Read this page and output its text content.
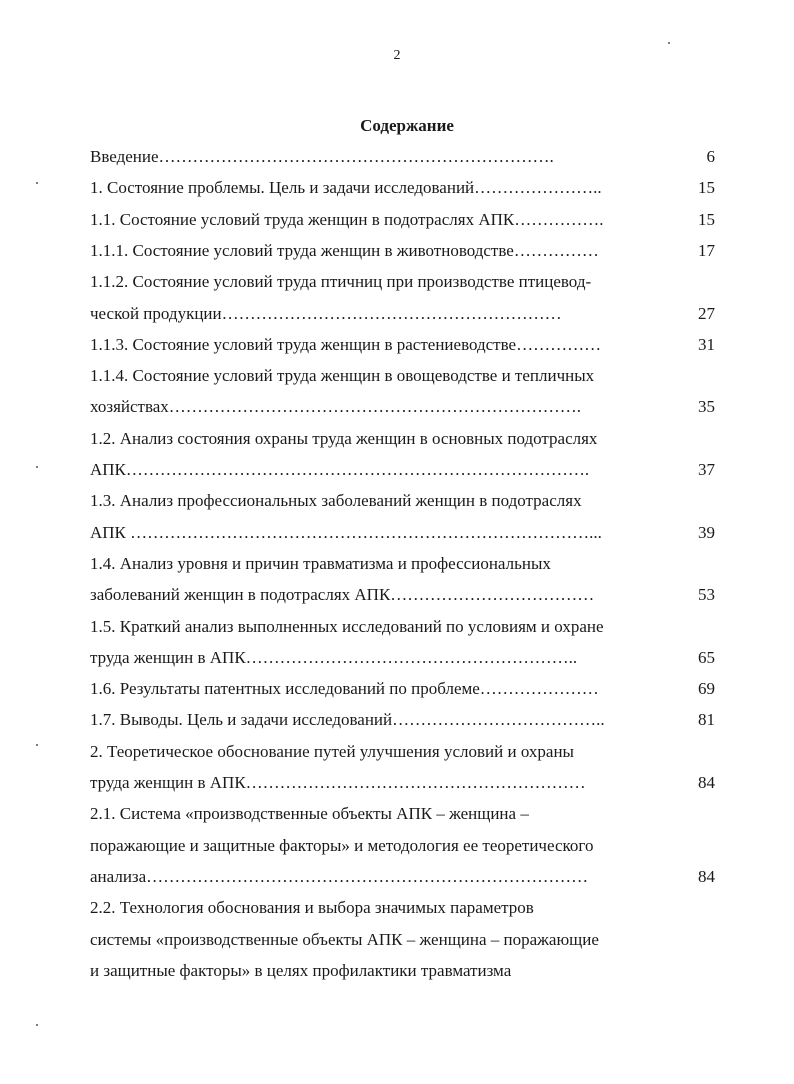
2
Содержание
Введение…………………………………………………………….	6
1. Состояние проблемы. Цель и задачи исследований…………………..	15
1.1. Состояние условий труда женщин в подотраслях АПК…………….	15
1.1.1. Состояние условий труда женщин в животноводстве……………	17
1.1.2. Состояние условий труда птичниц при производстве птицевод-
ческой продукции……………………………………………………	27
1.1.3. Состояние условий труда женщин в растениеводстве……………	31
1.1.4. Состояние условий труда женщин в овощеводстве и тепличных
хозяйствах……………………………………………………………….	35
1.2. Анализ состояния охраны труда женщин в основных подотраслях
АПК……………………………………………………………………….	37
1.3. Анализ профессиональных заболеваний женщин в подотраслях
АПК ………………………………………………………………………...	39
1.4. Анализ уровня и причин травматизма и профессиональных
заболеваний женщин в подотраслях АПК………………………………	53
1.5. Краткий анализ выполненных исследований по условиям и охране
труда женщин в АПК…………………………………………………..	65
1.6. Результаты патентных исследований по проблеме…………………	69
1.7. Выводы. Цель и задачи исследований………………………………..	81
2. Теоретическое обоснование путей улучшения условий и охраны
труда женщин в АПК……………………………………………………	84
2.1. Система «производственные объекты АПК – женщина –
поражающие и защитные факторы» и методология ее теоретического
анализа……………………………………………………………………	84
2.2. Технология обоснования и выбора значимых параметров
системы «производственные объекты АПК – женщина – поражающие
и защитные факторы» в целях профилактики травматизма
